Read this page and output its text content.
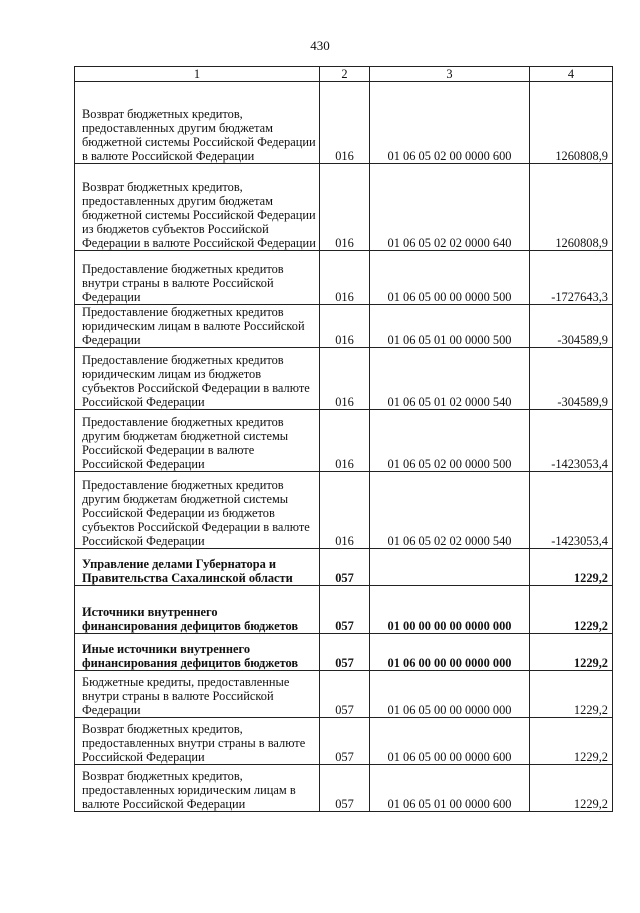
430
1	2	3	4
Возврат бюджетных кредитов, предоставленных другим бюджетам бюджетной системы Российской Федерации в валюте Российской Федерации	016	01 06 05 02 00 0000 600	1260808,9
Возврат бюджетных кредитов, предоставленных другим бюджетам бюджетной системы Российской Федерации из бюджетов субъектов Российской Федерации в валюте Российской Федерации	016	01 06 05 02 02 0000 640	1260808,9
Предоставление бюджетных кредитов внутри страны в валюте Российской Федерации	016	01 06 05 00 00 0000 500	-1727643,3
Предоставление бюджетных кредитов юридическим лицам в валюте Российской Федерации	016	01 06 05 01 00 0000 500	-304589,9
Предоставление бюджетных кредитов юридическим лицам из бюджетов субъектов Российской Федерации в валюте Российской Федерации	016	01 06 05 01 02 0000 540	-304589,9
Предоставление бюджетных кредитов другим бюджетам бюджетной системы Российской Федерации в валюте Российской Федерации	016	01 06 05 02 00 0000 500	-1423053,4
Предоставление бюджетных кредитов другим бюджетам бюджетной системы Российской Федерации из бюджетов субъектов Российской Федерации в валюте Российской Федерации	016	01 06 05 02 02 0000 540	-1423053,4
Управление делами Губернатора и Правительства Сахалинской области	057		1229,2
Источники внутреннего финансирования дефицитов бюджетов	057	01 00 00 00 00 0000 000	1229,2
Иные источники внутреннего финансирования дефицитов бюджетов	057	01 06 00 00 00 0000 000	1229,2
Бюджетные кредиты, предоставленные внутри страны в валюте Российской Федерации	057	01 06 05 00 00 0000 000	1229,2
Возврат бюджетных кредитов, предоставленных внутри страны в валюте Российской Федерации	057	01 06 05 00 00 0000 600	1229,2
Возврат бюджетных кредитов, предоставленных юридическим лицам в валюте Российской Федерации	057	01 06 05 01 00 0000 600	1229,2
